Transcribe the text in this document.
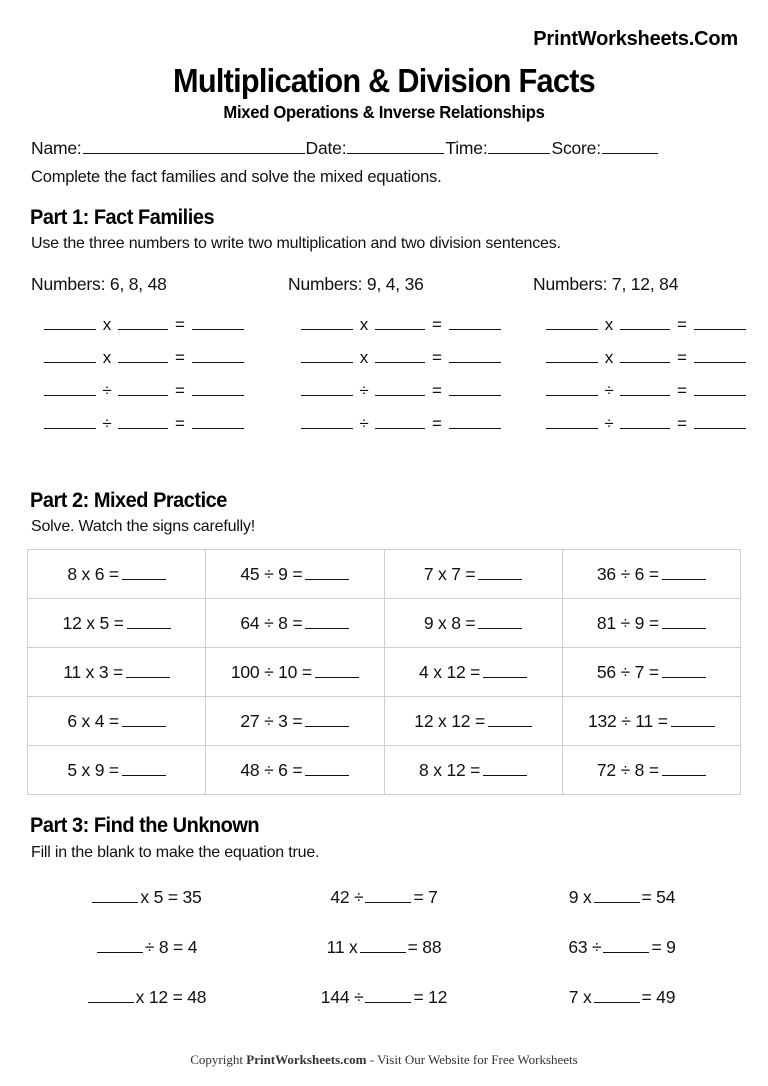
PrintWorksheets.Com
Multiplication & Division Facts
Mixed Operations & Inverse Relationships
Name:	Date:	Time:	Score:
Complete the fact families and solve the mixed equations.
Part 1: Fact Families
Use the three numbers to write two multiplication and two division sentences.
Numbers: 6, 8, 48
x	=
x	=
÷	=
÷	=
Numbers: 9, 4, 36
x	=
x	=
÷	=
÷	=
Numbers: 7, 12, 84
x	=
x	=
÷	=
÷	=
Part 2: Mixed Practice
Solve. Watch the signs carefully!
8 x 6 =	45 ÷ 9 =	7 x 7 =	36 ÷ 6 =
12 x 5 =	64 ÷ 8 =	9 x 8 =	81 ÷ 9 =
11 x 3 =	100 ÷ 10 =	4 x 12 =	56 ÷ 7 =
6 x 4 =	27 ÷ 3 =	12 x 12 =	132 ÷ 11 =
5 x 9 =	48 ÷ 6 =	8 x 12 =	72 ÷ 8 =
Part 3: Find the Unknown
Fill in the blank to make the equation true.
x 5 = 35	42 ÷	= 7	9 x	= 54
÷ 8 = 4	11 x	= 88	63 ÷	= 9
x 12 = 48	144 ÷	= 12	7 x	= 49
Copyright PrintWorksheets.com - Visit Our Website for Free Worksheets
